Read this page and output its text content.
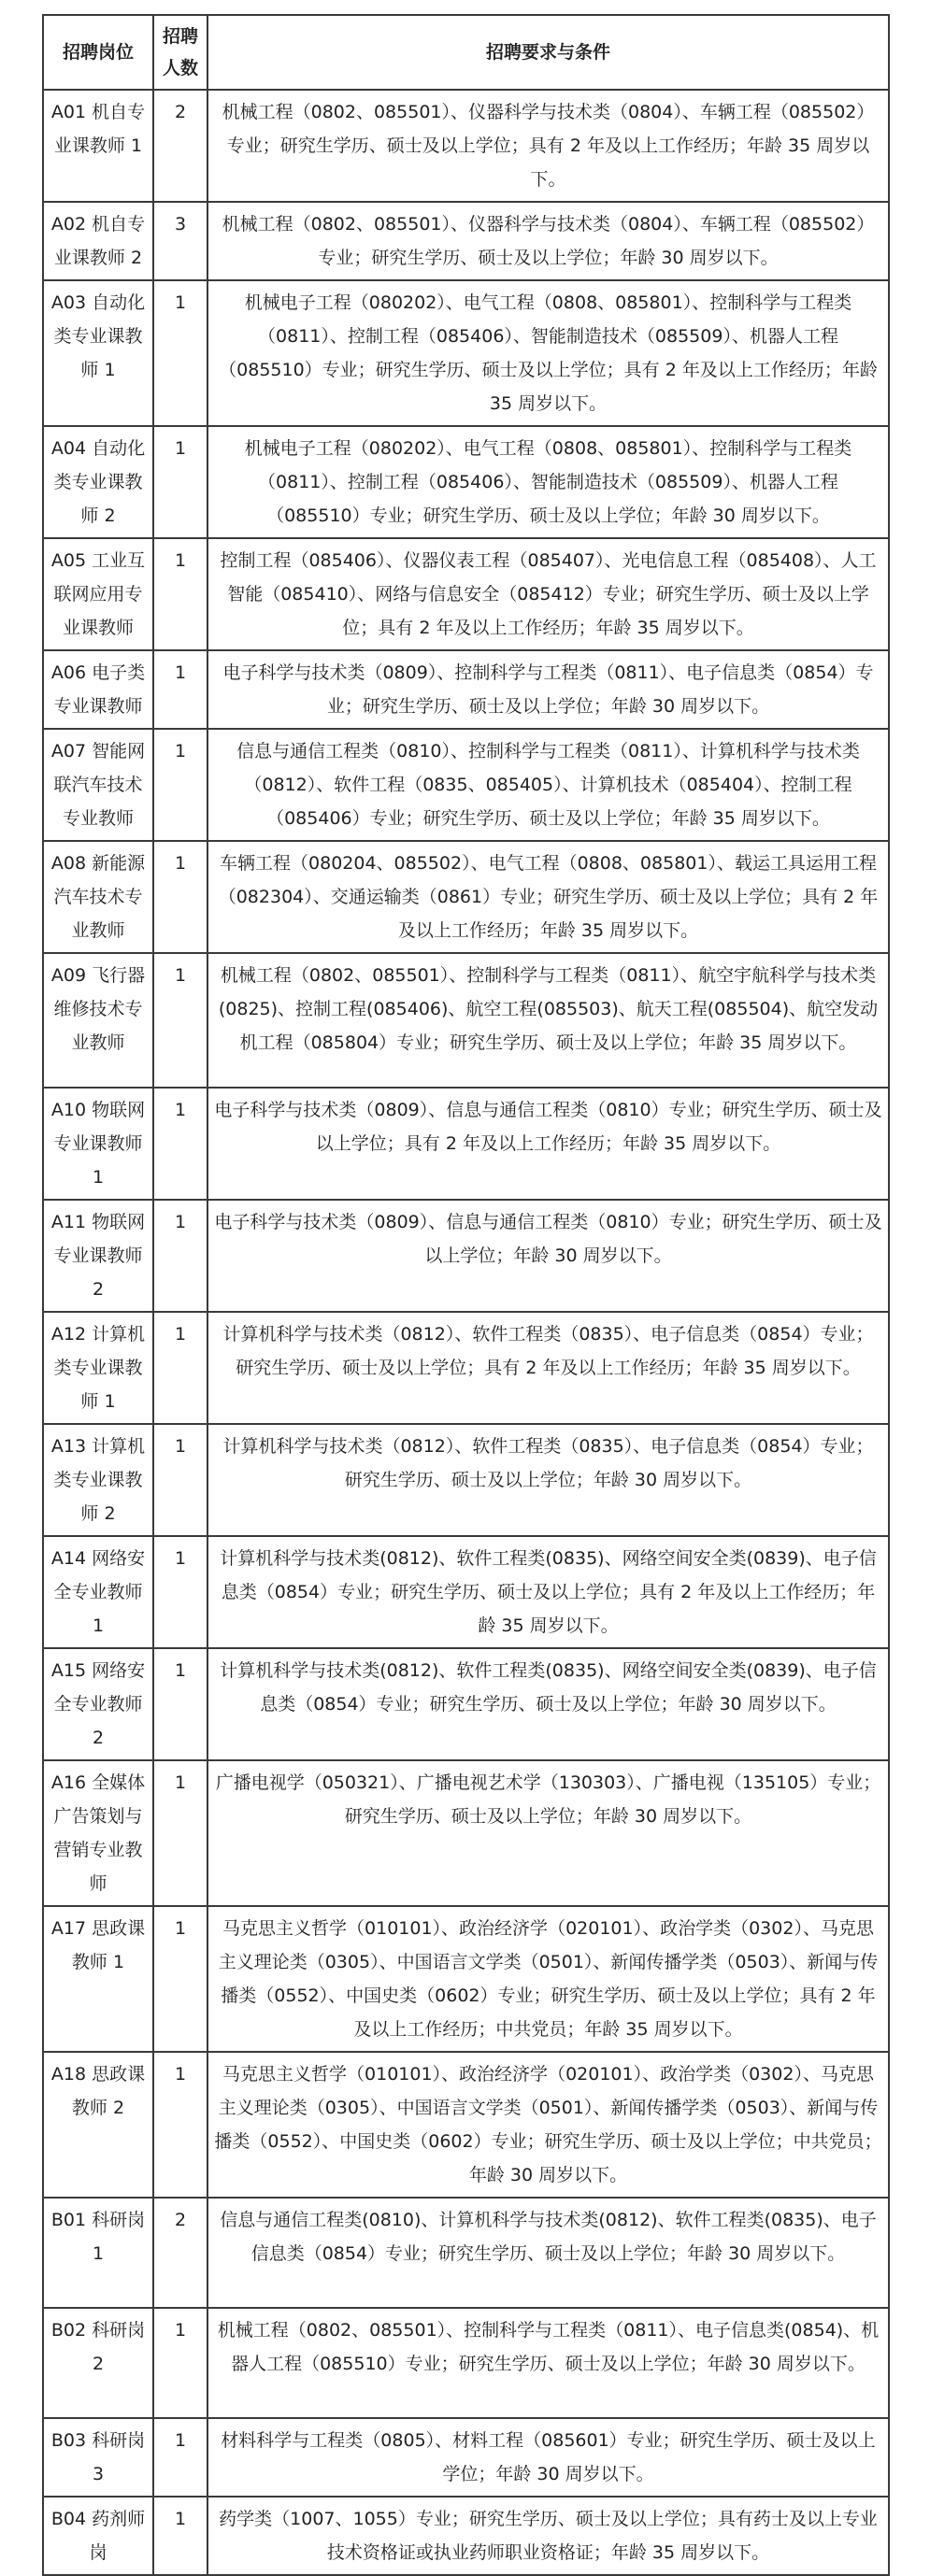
招聘岗位	招聘人数	招聘要求与条件
A01 机自专业课教师 1	2	机械工程（0802、085501）、仪器科学与技术类（0804）、车辆工程（085502）专业；研究生学历、硕士及以上学位；具有 2 年及以上工作经历；年龄 35 周岁以下。
A02 机自专业课教师 2	3	机械工程（0802、085501）、仪器科学与技术类（0804）、车辆工程（085502）专业；研究生学历、硕士及以上学位；年龄 30 周岁以下。
A03 自动化类专业课教师 1	1	机械电子工程（080202）、电气工程（0808、085801）、控制科学与工程类（0811）、控制工程（085406）、智能制造技术（085509）、机器人工程（085510）专业；研究生学历、硕士及以上学位；具有 2 年及以上工作经历；年龄 35 周岁以下。
A04 自动化类专业课教师 2	1	机械电子工程（080202）、电气工程（0808、085801）、控制科学与工程类（0811）、控制工程（085406）、智能制造技术（085509）、机器人工程（085510）专业；研究生学历、硕士及以上学位；年龄 30 周岁以下。
A05 工业互联网应用专业课教师	1	控制工程（085406）、仪器仪表工程（085407）、光电信息工程（085408）、人工智能（085410）、网络与信息安全（085412）专业；研究生学历、硕士及以上学位；具有 2 年及以上工作经历；年龄 35 周岁以下。
A06 电子类专业课教师	1	电子科学与技术类（0809）、控制科学与工程类（0811）、电子信息类（0854）专业；研究生学历、硕士及以上学位；年龄 30 周岁以下。
A07 智能网联汽车技术专业教师	1	信息与通信工程类（0810）、控制科学与工程类（0811）、计算机科学与技术类（0812）、软件工程（0835、085405）、计算机技术（085404）、控制工程（085406）专业；研究生学历、硕士及以上学位；年龄 35 周岁以下。
A08 新能源汽车技术专业教师	1	车辆工程（080204、085502）、电气工程（0808、085801）、载运工具运用工程（082304）、交通运输类（0861）专业；研究生学历、硕士及以上学位；具有 2 年及以上工作经历；年龄 35 周岁以下。
A09 飞行器维修技术专业教师	1	机械工程（0802、085501）、控制科学与工程类（0811）、航空宇航科学与技术类(0825)、控制工程(085406)、航空工程(085503)、航天工程(085504)、航空发动机工程（085804）专业；研究生学历、硕士及以上学位；年龄 35 周岁以下。
A10 物联网专业课教师 1	1	电子科学与技术类（0809）、信息与通信工程类（0810）专业；研究生学历、硕士及以上学位；具有 2 年及以上工作经历；年龄 35 周岁以下。
A11 物联网专业课教师 2	1	电子科学与技术类（0809）、信息与通信工程类（0810）专业；研究生学历、硕士及以上学位；年龄 30 周岁以下。
A12 计算机类专业课教师 1	1	计算机科学与技术类（0812）、软件工程类（0835）、电子信息类（0854）专业；研究生学历、硕士及以上学位；具有 2 年及以上工作经历；年龄 35 周岁以下。
A13 计算机类专业课教师 2	1	计算机科学与技术类（0812）、软件工程类（0835）、电子信息类（0854）专业；研究生学历、硕士及以上学位；年龄 30 周岁以下。
A14 网络安全专业教师 1	1	计算机科学与技术类(0812)、软件工程类(0835)、网络空间安全类(0839)、电子信息类（0854）专业；研究生学历、硕士及以上学位；具有 2 年及以上工作经历；年龄 35 周岁以下。
A15 网络安全专业教师 2	1	计算机科学与技术类(0812)、软件工程类(0835)、网络空间安全类(0839)、电子信息类（0854）专业；研究生学历、硕士及以上学位；年龄 30 周岁以下。
A16 全媒体广告策划与营销专业教师	1	广播电视学（050321）、广播电视艺术学（130303）、广播电视（135105）专业；研究生学历、硕士及以上学位；年龄 30 周岁以下。
A17 思政课教师 1	1	马克思主义哲学（010101）、政治经济学（020101）、政治学类（0302）、马克思主义理论类（0305）、中国语言文学类（0501）、新闻传播学类（0503）、新闻与传播类（0552）、中国史类（0602）专业；研究生学历、硕士及以上学位；具有 2 年及以上工作经历；中共党员；年龄 35 周岁以下。
A18 思政课教师 2	1	马克思主义哲学（010101）、政治经济学（020101）、政治学类（0302）、马克思主义理论类（0305）、中国语言文学类（0501）、新闻传播学类（0503）、新闻与传播类（0552）、中国史类（0602）专业；研究生学历、硕士及以上学位；中共党员；年龄 30 周岁以下。
B01 科研岗 1	2	信息与通信工程类(0810)、计算机科学与技术类(0812)、软件工程类(0835)、电子信息类（0854）专业；研究生学历、硕士及以上学位；年龄 30 周岁以下。
B02 科研岗 2	1	机械工程（0802、085501）、控制科学与工程类（0811）、电子信息类(0854)、机器人工程（085510）专业；研究生学历、硕士及以上学位；年龄 30 周岁以下。
B03 科研岗 3	1	材料科学与工程类（0805）、材料工程（085601）专业；研究生学历、硕士及以上学位；年龄 30 周岁以下。
B04 药剂师岗	1	药学类（1007、1055）专业；研究生学历、硕士及以上学位；具有药士及以上专业技术资格证或执业药师职业资格证；年龄 35 周岁以下。
